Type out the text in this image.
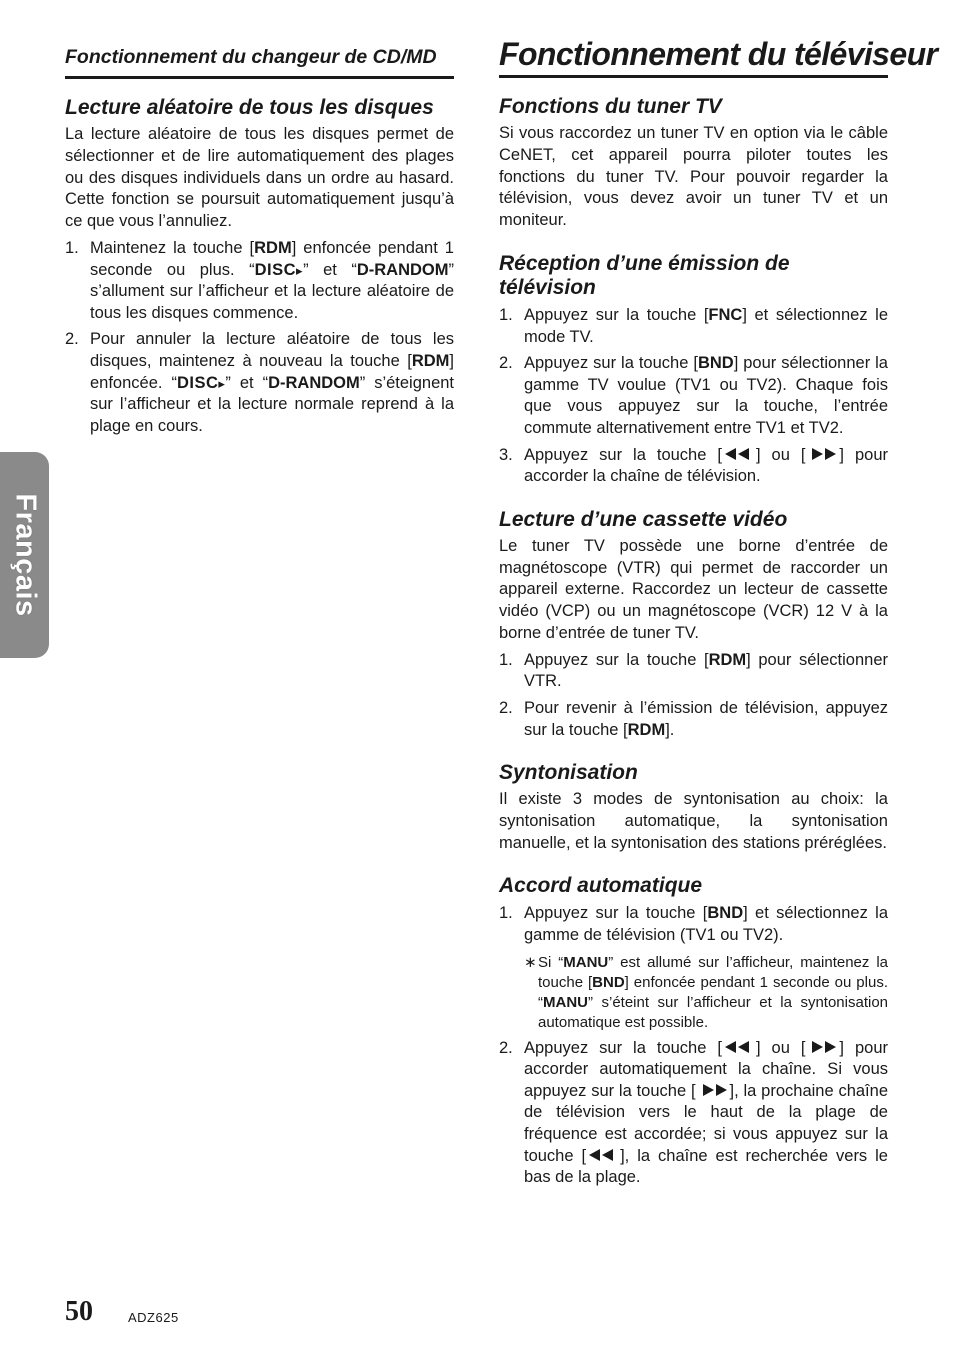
Français
Fonctionnement du changeur de CD/MD
Lecture aléatoire de tous les disques

La lecture aléatoire de tous les disques permet de sélectionner et de lire automatiquement des plages ou des disques individuels dans un ordre au hasard. Cette fonction se poursuit automatiquement jusqu’à ce que vous l’annuliez.

1. Maintenez la touche [RDM] enfoncée pendant 1 seconde ou plus. “DISC▸” et “D-RANDOM” s’allument sur l’afficheur et la lecture aléatoire de tous les disques commence.
2. Pour annuler la lecture aléatoire de tous les disques, maintenez à nouveau la touche [RDM] enfoncée. “DISC▸” et “D-RANDOM” s’éteignent sur l’afficheur et la lecture normale reprend à la plage en cours.
Fonctionnement du téléviseur
Fonctions du tuner TV

Si vous raccordez un tuner TV en option via le câble CeNET, cet appareil pourra piloter toutes les fonctions du tuner TV. Pour pouvoir regarder la télévision, vous devez avoir un tuner TV et un moniteur.

Réception d’une émission de télévision
1. Appuyez sur la touche [FNC] et sélectionnez le mode TV.
2. Appuyez sur la touche [BND] pour sélectionner la gamme TV voulue (TV1 ou TV2). Chaque fois que vous appuyez sur la touche, l’entrée commute alternativement entre TV1 et TV2.
3. Appuyez sur la touche [ ] ou [ ] pour accorder la chaîne de télévision.
Lecture d’une cassette vidéo

Le tuner TV possède une borne d’entrée de magnétoscope (VTR) qui permet de raccorder un appareil externe. Raccordez un lecteur de cassette vidéo (VCP) ou un magnétoscope (VCR) 12 V à la borne d’entrée de tuner TV.

1. Appuyez sur la touche [RDM] pour sélectionner VTR.
2. Pour revenir à l’émission de télévision, appuyez sur la touche [RDM].
Syntonisation

Il existe 3 modes de syntonisation au choix: la syntonisation automatique, la syntonisation manuelle, et la syntonisation des stations préréglées.

Accord automatique
1. Appuyez sur la touche [BND] et sélectionnez la gamme de télévision (TV1 ou TV2).
∗ Si “MANU” est allumé sur l’afficheur, maintenez la touche [BND] enfoncée pendant 1 seconde ou plus. “MANU” s’éteint sur l’afficheur et la syntonisation automatique est possible.
2. Appuyez sur la touche [ ] ou [ ] pour accorder automatiquement la chaîne. Si vous appuyez sur la touche [ ], la prochaine chaîne de télévision vers le haut de la plage de fréquence est accordée; si vous appuyez sur la touche [ ], la chaîne est recherchée vers le bas de la plage.
50	ADZ625
